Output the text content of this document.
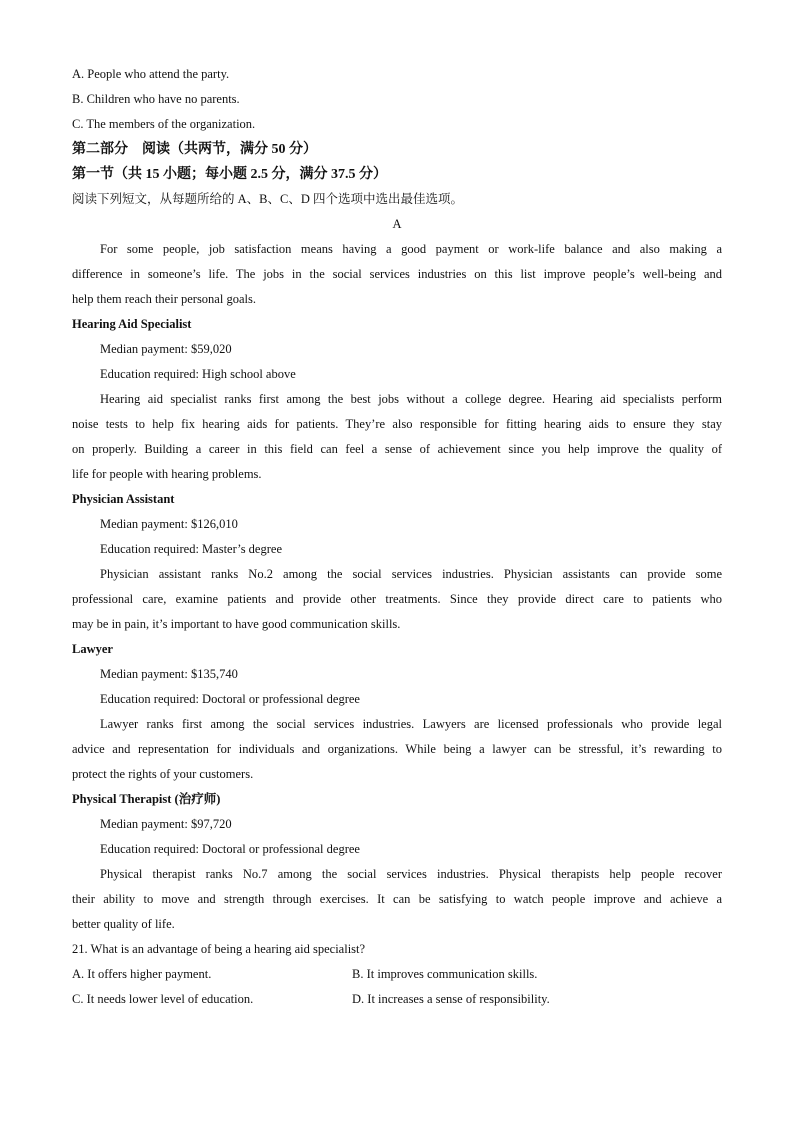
A. People who attend the party.
B. Children who have no parents.
C. The members of the organization.
第二部分　阅读（共两节，满分 50 分）
第一节（共 15 小题；每小题 2.5 分，满分 37.5 分）
阅读下列短文，从每题所给的 A、B、C、D 四个选项中选出最佳选项。
A
For some people, job satisfaction means having a good payment or work-life balance and also making a
difference in someone’s life. The jobs in the social services industries on this list improve people’s well-being and
help them reach their personal goals.
Hearing Aid Specialist
Median payment: $59,020
Education required: High school above
Hearing aid specialist ranks first among the best jobs without a college degree. Hearing aid specialists perform
noise tests to help fix hearing aids for patients. They’re also responsible for fitting hearing aids to ensure they stay
on properly. Building a career in this field can feel a sense of achievement since you help improve the quality of
life for people with hearing problems.
Physician Assistant
Median payment: $126,010
Education required: Master’s degree
Physician assistant ranks No.2 among the social services industries. Physician assistants can provide some
professional care, examine patients and provide other treatments. Since they provide direct care to patients who
may be in pain, it’s important to have good communication skills.
Lawyer
Median payment: $135,740
Education required: Doctoral or professional degree
Lawyer ranks first among the social services industries. Lawyers are licensed professionals who provide legal
advice and representation for individuals and organizations. While being a lawyer can be stressful, it’s rewarding to
protect the rights of your customers.
Physical Therapist (治疗师)
Median payment: $97,720
Education required: Doctoral or professional degree
Physical therapist ranks No.7 among the social services industries. Physical therapists help people recover
their ability to move and strength through exercises. It can be satisfying to watch people improve and achieve a
better quality of life.
21. What is an advantage of being a hearing aid specialist?
A. It offers higher payment.	B. It improves communication skills.
C. It needs lower level of education.	D. It increases a sense of responsibility.
